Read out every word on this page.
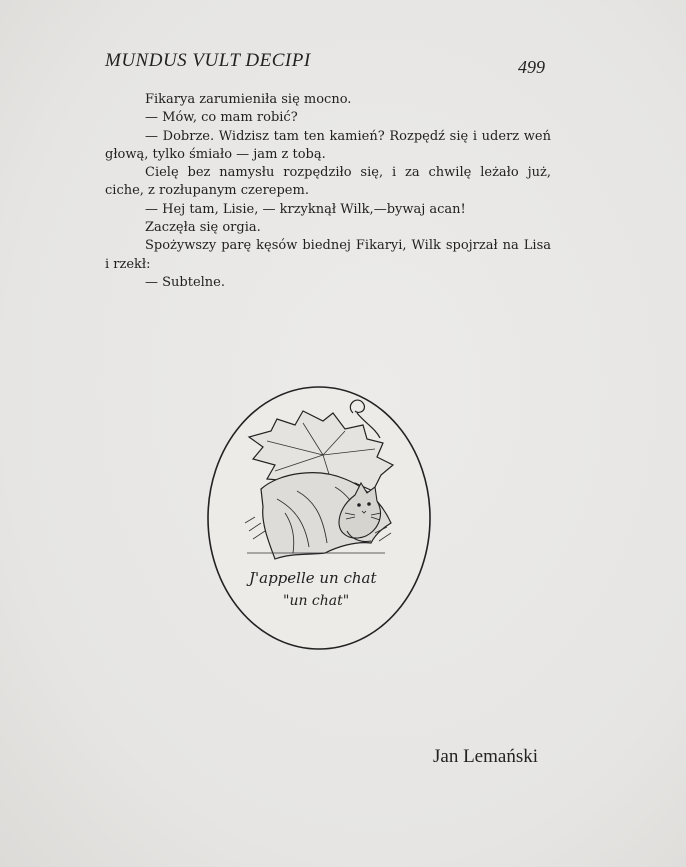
MUNDUS VULT DECIPI	499

Fikarya zarumieniła się mocno.

— Mów, co mam robić?

— Dobrze. Widzisz tam ten kamień? Rozpędź się i uderz weń głową, tylko śmiało — jam z tobą.

Cielę bez namysłu rozpędziło się, i za chwilę leżało już, ciche, z rozłupanym czerepem.

— Hej tam, Lisie, — krzyknął Wilk,—bywaj acan!

Zaczęła się orgia.

Spożywszy parę kęsów biednej Fikaryi, Wilk spojrzał na Lisa i rzekł:

— Subtelne.

J'appelle un chat
"un chat"
Jan Lemański
